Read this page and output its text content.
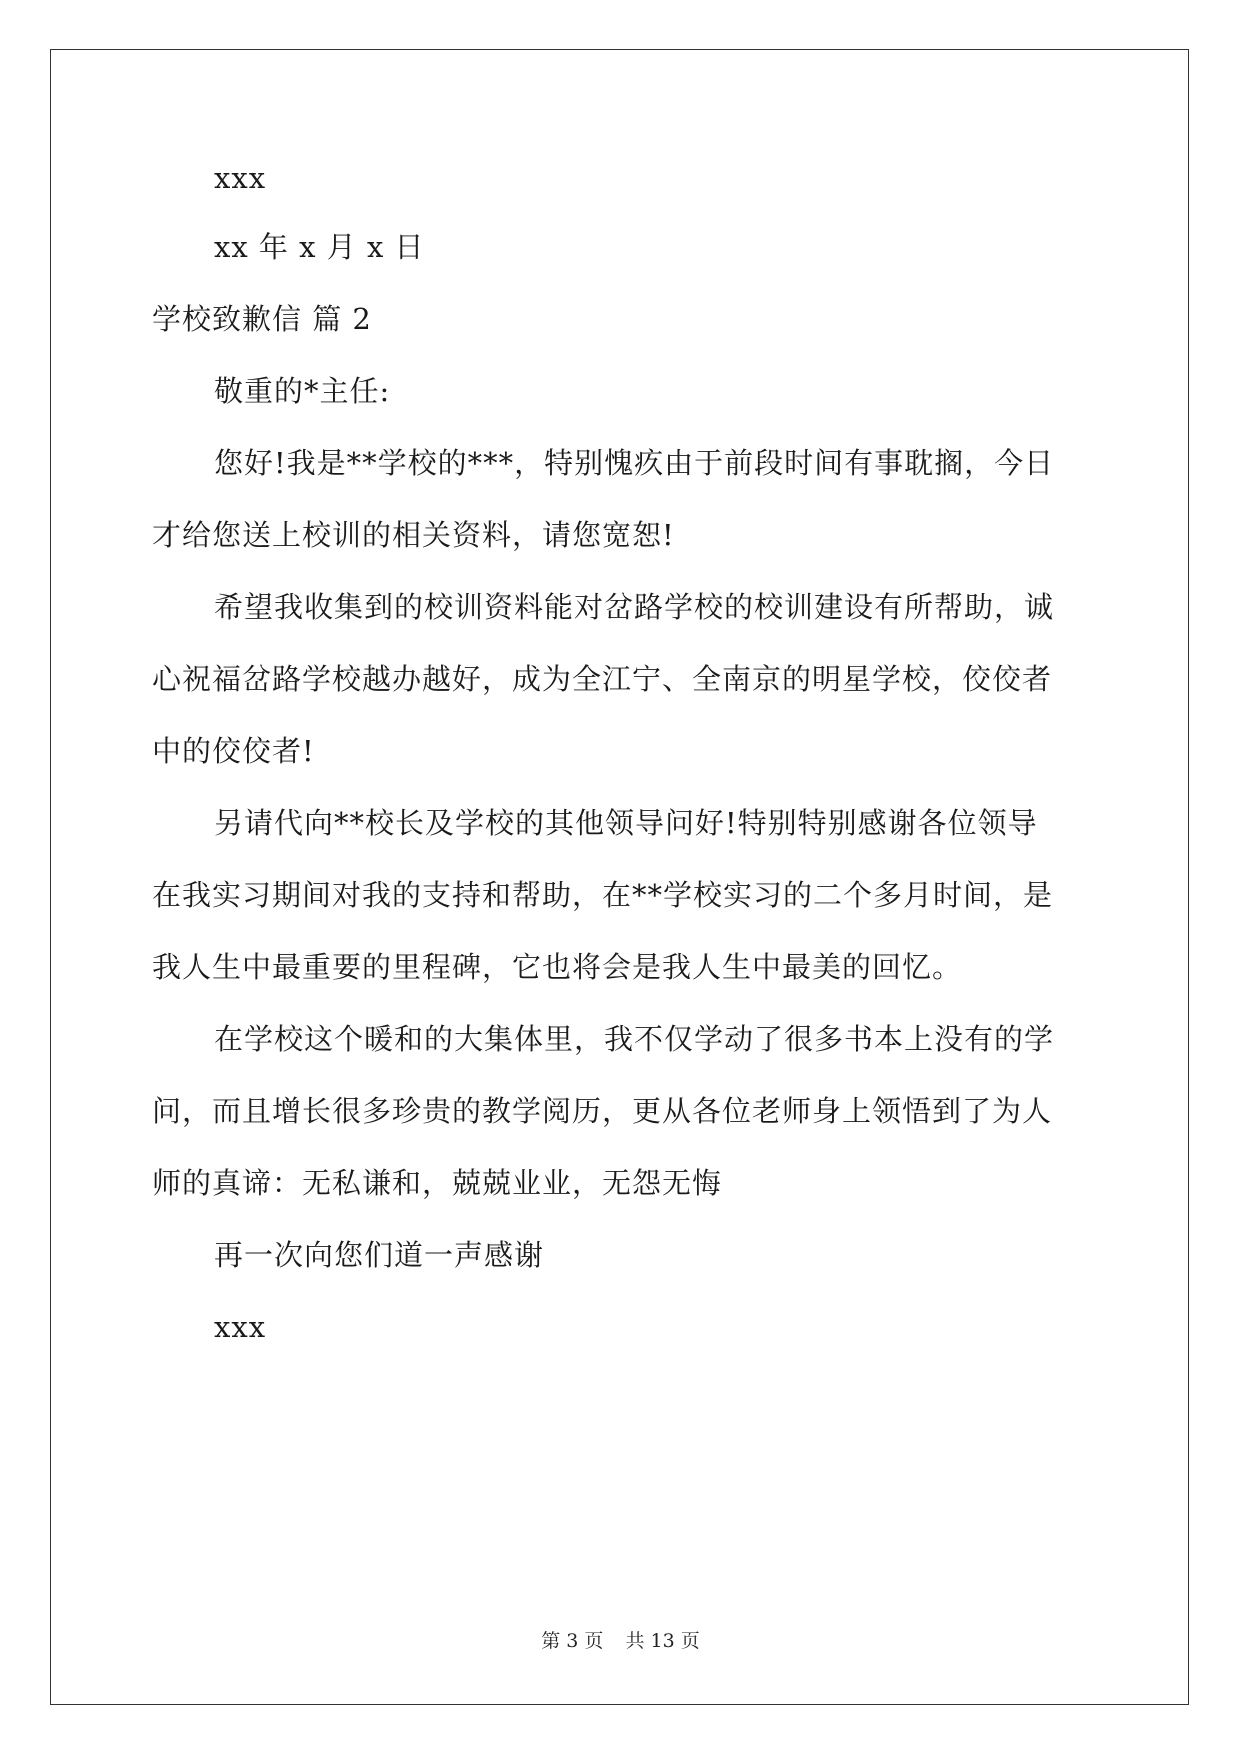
xxx
xx 年 x 月 x 日
学校致歉信 篇 2
敬重的*主任:
您好!我是**学校的***，特别愧疚由于前段时间有事耽搁，今日
才给您送上校训的相关资料，请您宽恕!
希望我收集到的校训资料能对岔路学校的校训建设有所帮助，诚
心祝福岔路学校越办越好，成为全江宁、全南京的明星学校，佼佼者
中的佼佼者!
另请代向**校长及学校的其他领导问好!特别特别感谢各位领导
在我实习期间对我的支持和帮助，在**学校实习的二个多月时间，是
我人生中最重要的里程碑，它也将会是我人生中最美的回忆。
在学校这个暖和的大集体里，我不仅学动了很多书本上没有的学
问，而且增长很多珍贵的教学阅历，更从各位老师身上领悟到了为人
师的真谛：无私谦和，兢兢业业，无怨无悔
再一次向您们道一声感谢
xxx
第 3 页 共 13 页
